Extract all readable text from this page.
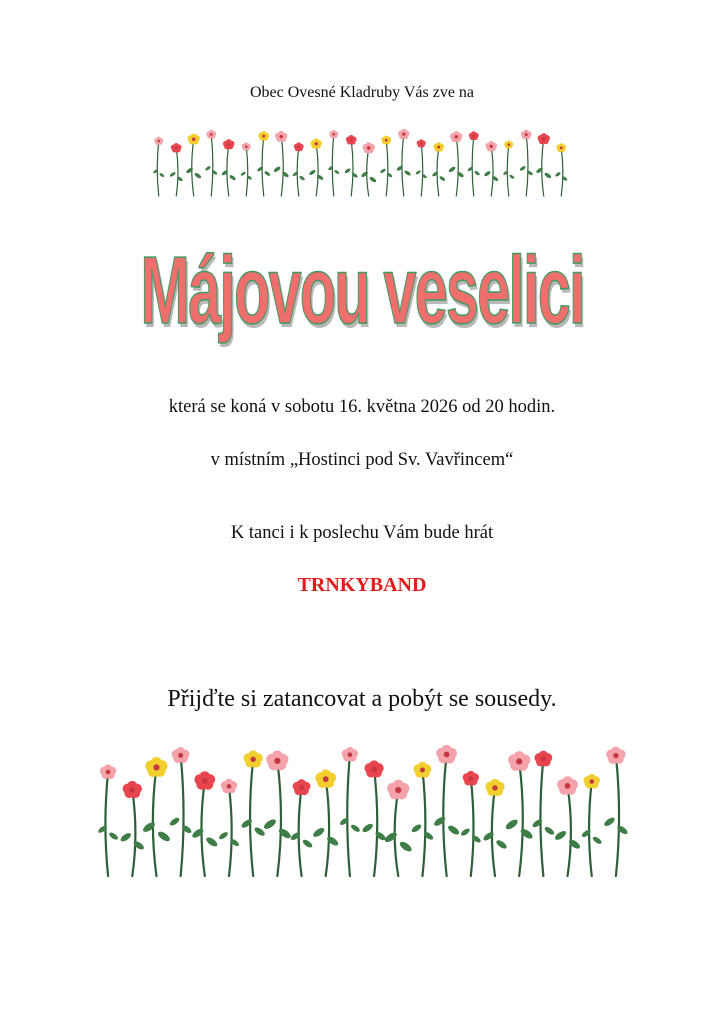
Obec Ovesné Kladruby Vás zve na

Májovou veselici

která se koná v sobotu 16. května 2026 od 20 hodin.

v místním „Hostinci pod Sv. Vavřincem“

K tanci i k poslechu Vám bude hrát

TRNKYBAND

Přijďte si zatancovat a pobýt se sousedy.
